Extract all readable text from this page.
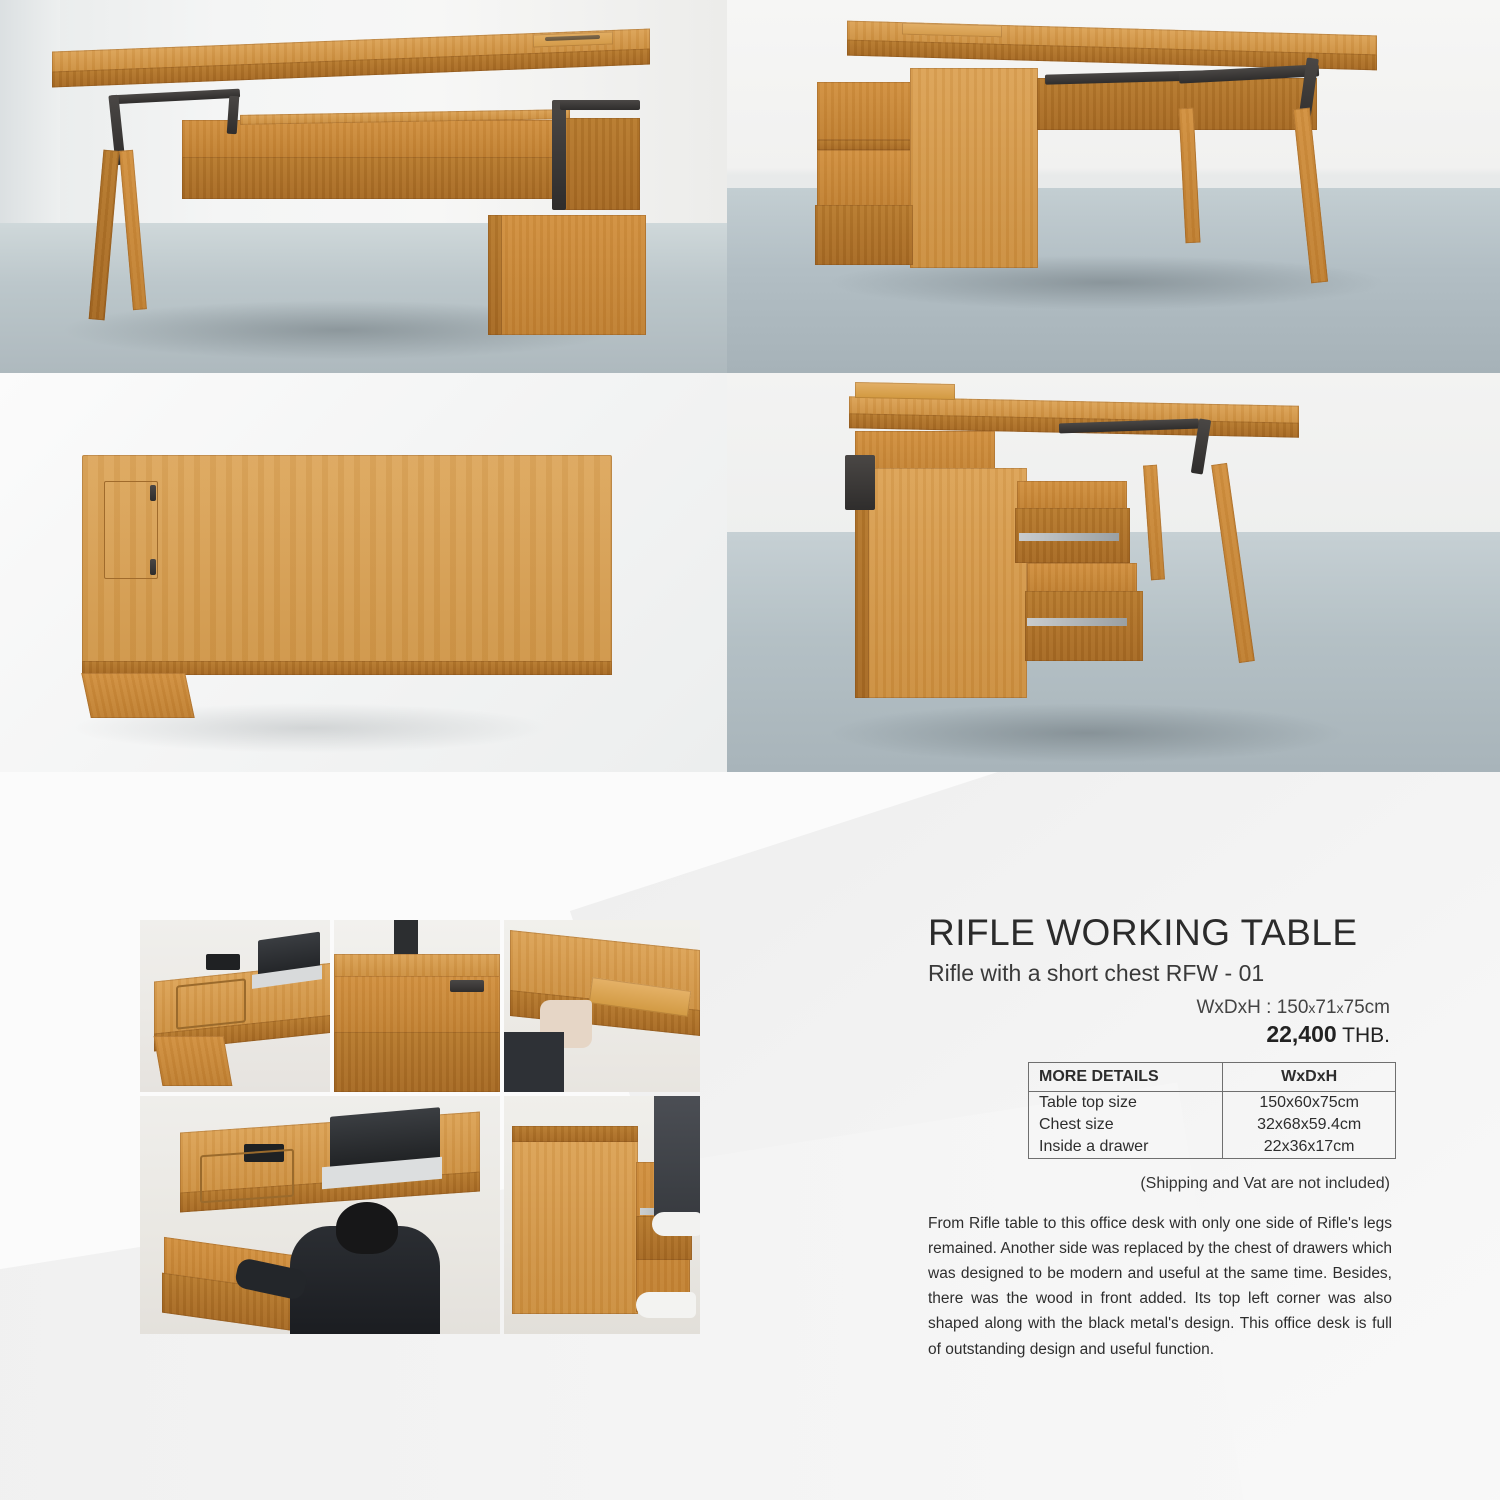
RIFLE WORKING TABLE
Rifle with a short chest RFW - 01
WxDxH : 150x71x75cm
22,400 THB.
MORE DETAILS	WxDxH
Table top size	150x60x75cm
Chest size	32x68x59.4cm
Inside a drawer	22x36x17cm
(Shipping and Vat are not included)

From Rifle table to this office desk with only one side of Rifle's legs remained. Another side was replaced by the chest of drawers which was designed to be modern and useful at the same time. Besides, there was the wood in front added. Its top left corner was also shaped along with the black metal's design. This office desk is full of outstanding design and useful function.
